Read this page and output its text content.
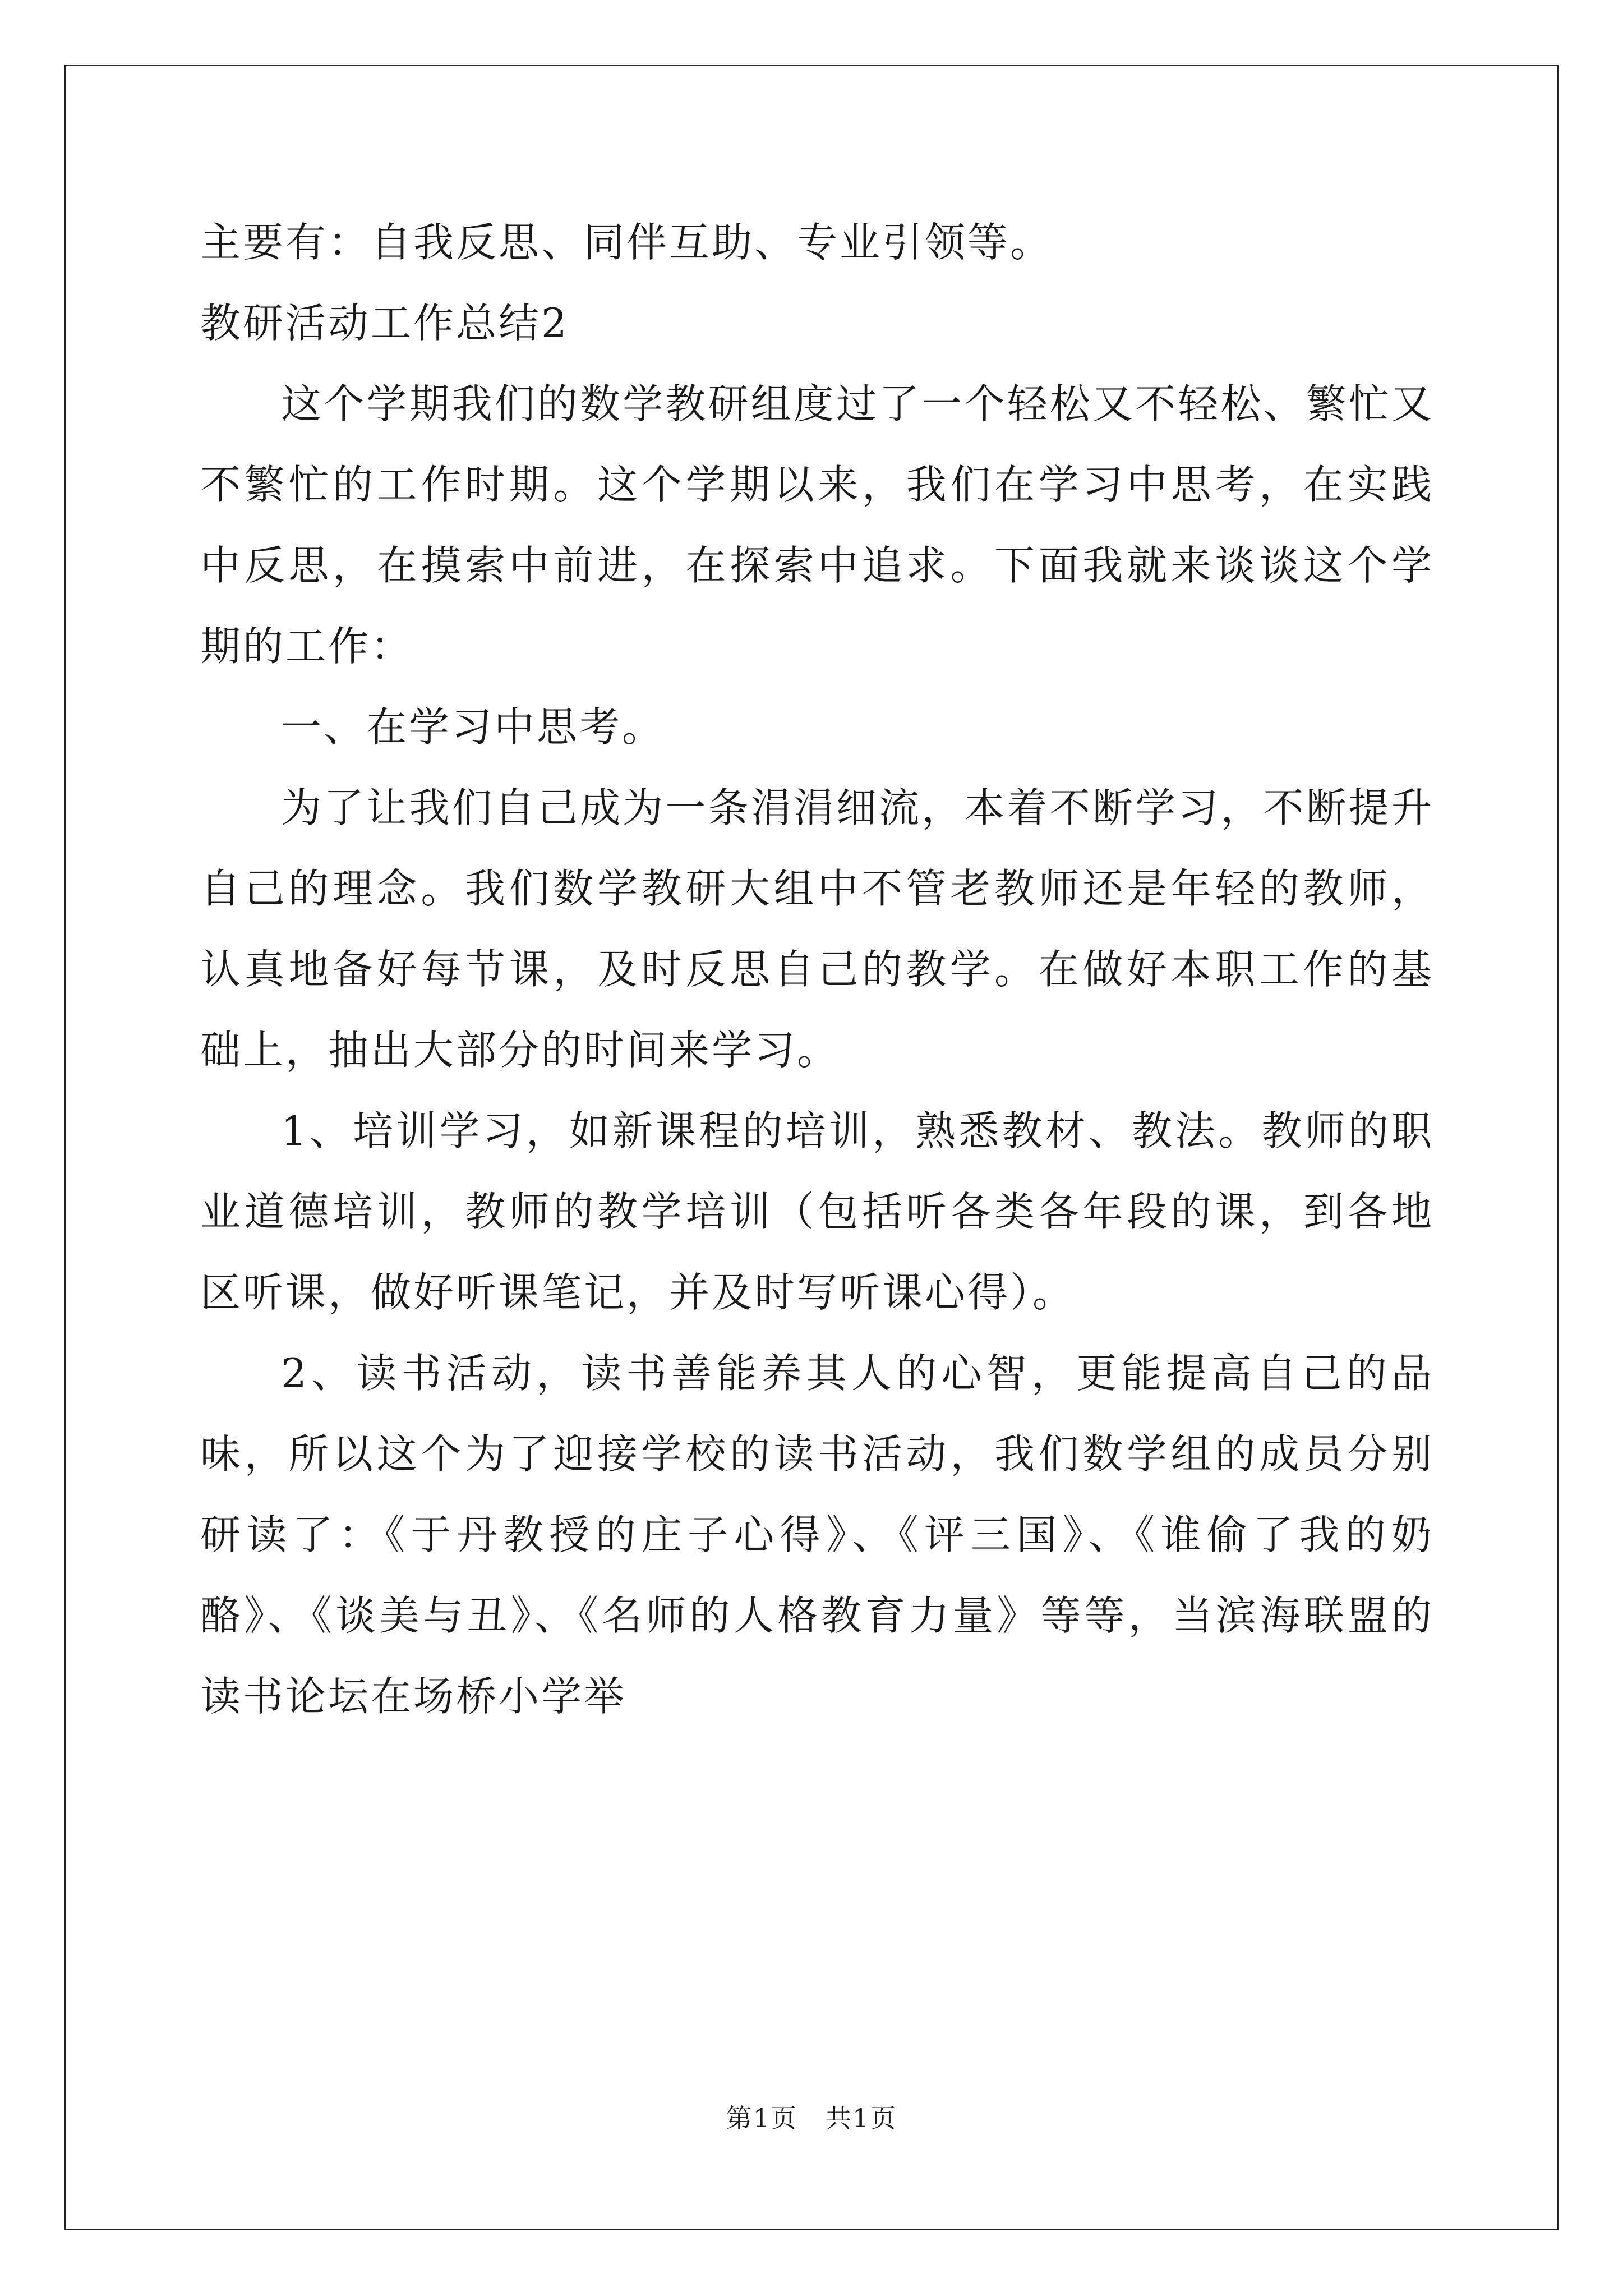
主要有：自我反思、同伴互助、专业引领等。

教研活动工作总结2

这个学期我们的数学教研组度过了一个轻松又不轻松、繁忙又不繁忙的工作时期。这个学期以来，我们在学习中思考，在实践中反思，在摸索中前进，在探索中追求。下面我就来谈谈这个学期的工作：

一、在学习中思考。

为了让我们自己成为一条涓涓细流，本着不断学习，不断提升自己的理念。我们数学教研大组中不管老教师还是年轻的教师，认真地备好每节课，及时反思自己的教学。在做好本职工作的基础上，抽出大部分的时间来学习。

1、培训学习，如新课程的培训，熟悉教材、教法。教师的职业道德培训，教师的教学培训（包括听各类各年段的课，到各地区听课，做好听课笔记，并及时写听课心得）。

2、读书活动，读书善能养其人的心智，更能提高自己的品味，所以这个为了迎接学校的读书活动，我们数学组的成员分别研读了：《于丹教授的庄子心得》、《评三国》、《谁偷了我的奶酪》、《谈美与丑》、《名师的人格教育力量》等等，当滨海联盟的读书论坛在场桥小学举

第1页 共1页
